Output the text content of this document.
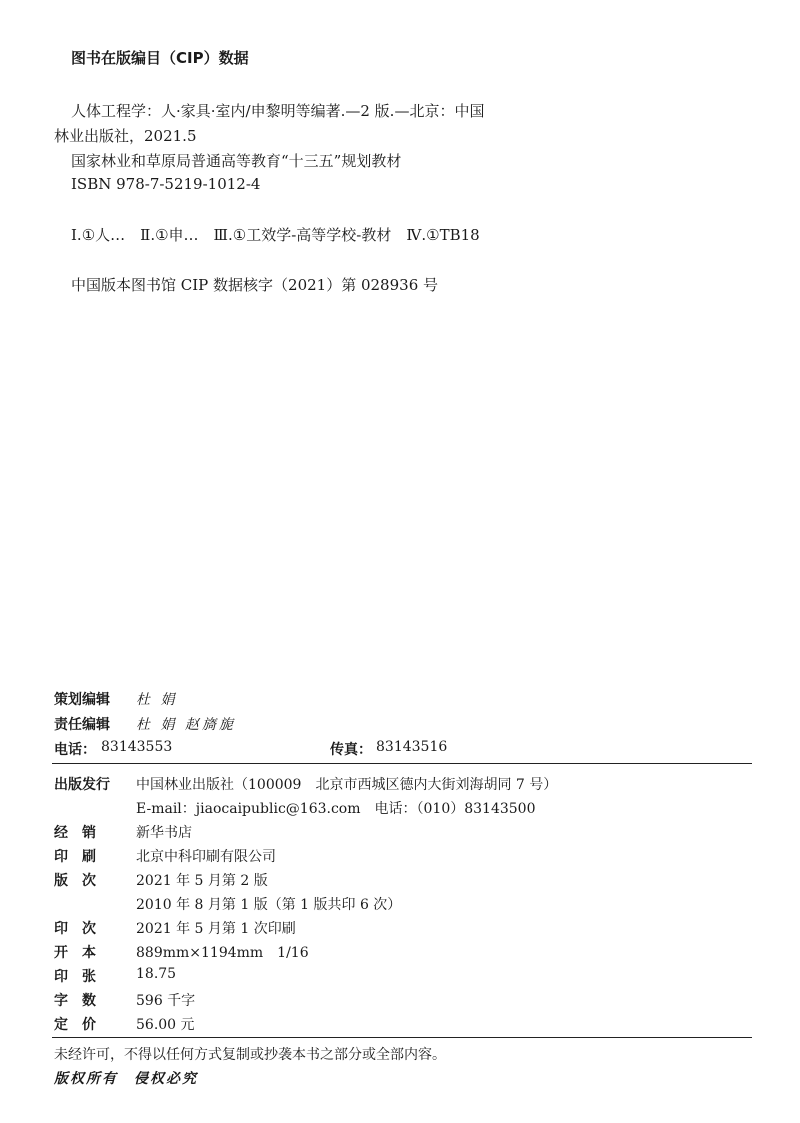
图书在版编目（CIP）数据
人体工程学：人·家具·室内/申黎明等编著.—2 版.—北京：中国
林业出版社，2021.5
国家林业和草原局普通高等教育“十三五”规划教材
ISBN 978-7-5219-1012-4
Ⅰ.①人…　Ⅱ.①申…　Ⅲ.①工效学-高等学校-教材　Ⅳ.①TB18
中国版本图书馆 CIP 数据核字（2021）第 028936 号
策划编辑 杜 娟
责任编辑 杜 娟 赵旖旎
电话： 83143553	传真： 83143516
出版发行 中国林业出版社（100009　北京市西城区德内大街刘海胡同 7 号）
E-mail：jiaocaipublic@163.com　电话：（010）83143500
经　销	新华书店
印　刷	北京中科印刷有限公司
版　次	2021 年 5 月第 2 版
2010 年 8 月第 1 版（第 1 版共印 6 次）
印　次	2021 年 5 月第 1 次印刷
开　本	889mm×1194mm　1/16
印　张	18.75
字　数	596 千字
定　价	56.00 元
未经许可，不得以任何方式复制或抄袭本书之部分或全部内容。
版权所有　侵权必究
